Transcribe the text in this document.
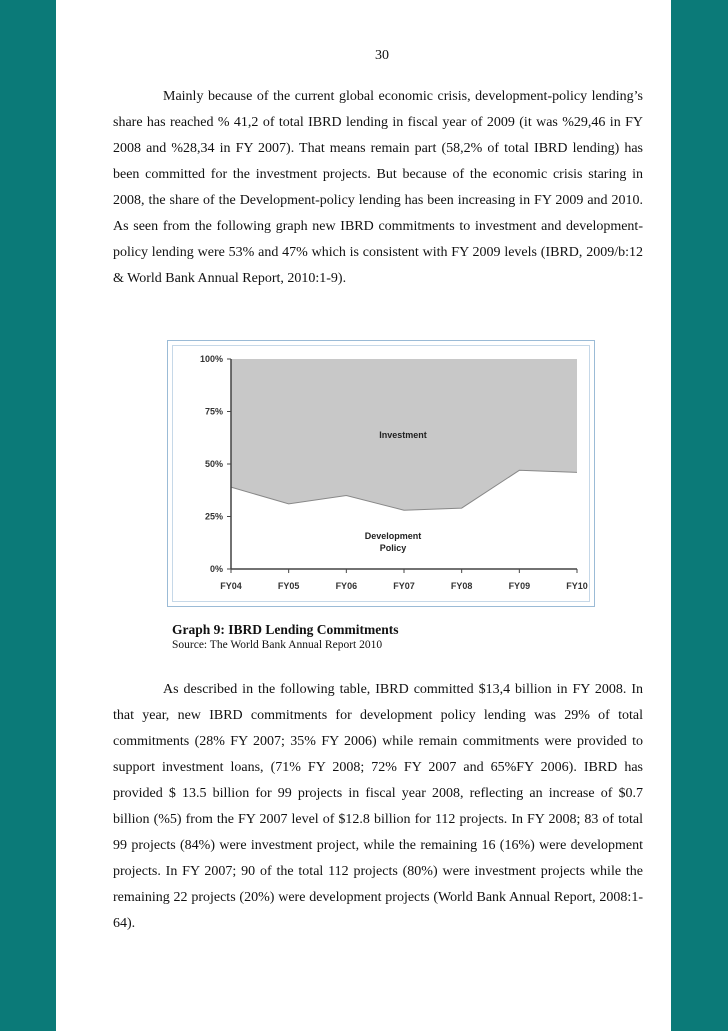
30

Mainly because of the current global economic crisis, development-policy lending’s share has reached % 41,2 of total IBRD lending in fiscal year of 2009 (it was %29,46 in FY 2008 and %28,34 in FY 2007). That means remain part (58,2% of total IBRD lending) has been committed for the investment projects. But because of the economic crisis staring in 2008, the share of the Development-policy lending has been increasing in FY 2009 and 2010. As seen from the following graph new IBRD commitments to investment and development-policy lending were 53% and 47% which is consistent with FY 2009 levels (IBRD, 2009/b:12 & World Bank Annual Report, 2010:1-9).

0%
25%
50%
75%
100%
FY04	FY05	FY06	FY07	FY08	FY09	FY10
Investment
Development
Policy
Graph 9: IBRD Lending Commitments
Source: The World Bank Annual Report 2010

As described in the following table, IBRD committed $13,4 billion in FY 2008. In that year, new IBRD commitments for development policy lending was 29% of total commitments (28% FY 2007; 35% FY 2006) while remain commitments were provided to support investment loans, (71% FY 2008; 72% FY 2007 and 65%FY 2006). IBRD has provided $ 13.5 billion for 99 projects in fiscal year 2008, reflecting an increase of $0.7 billion (%5) from the FY 2007 level of $12.8 billion for 112 projects. In FY 2008; 83 of total 99 projects (84%) were investment project, while the remaining 16 (16%) were development projects. In FY 2007; 90 of the total 112 projects (80%) were investment projects while the remaining 22 projects (20%) were development projects (World Bank Annual Report, 2008:1-64).
